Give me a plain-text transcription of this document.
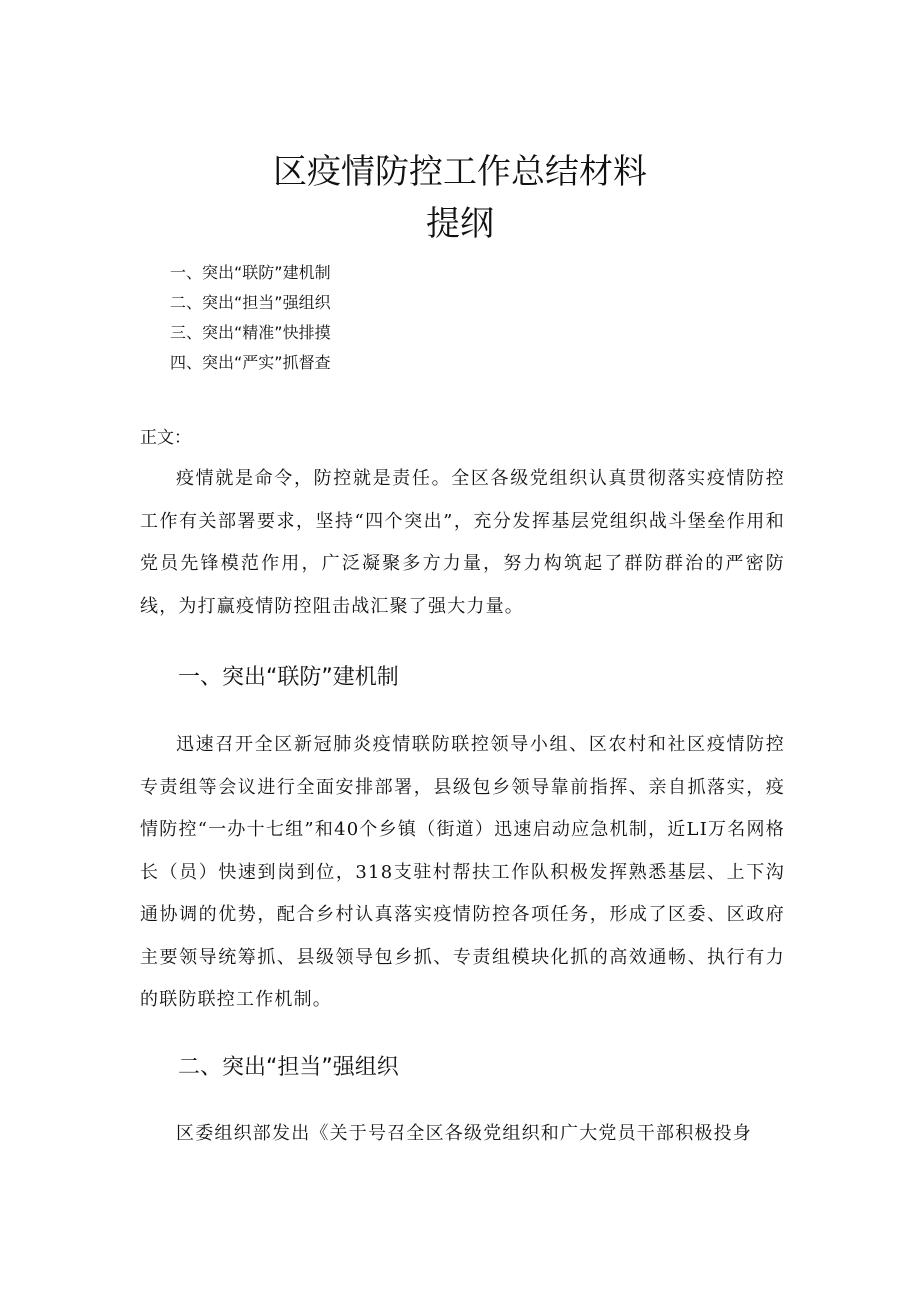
区疫情防控工作总结材料
提纲
一、突出“联防”建机制
二、突出“担当”强组织
三、突出“精准”快排摸
四、突出“严实”抓督查
正文：

疫情就是命令，防控就是责任。全区各级党组织认真贯彻落实疫情防控工作有关部署要求，坚持“四个突出”，充分发挥基层党组织战斗堡垒作用和党员先锋模范作用，广泛凝聚多方力量，努力构筑起了群防群治的严密防线，为打赢疫情防控阻击战汇聚了强大力量。

一、突出“联防”建机制

迅速召开全区新冠肺炎疫情联防联控领导小组、区农村和社区疫情防控专责组等会议进行全面安排部署，县级包乡领导靠前指挥、亲自抓落实，疫情防控“一办十七组”和40个乡镇（街道）迅速启动应急机制，近LI万名网格长（员）快速到岗到位，318支驻村帮扶工作队积极发挥熟悉基层、上下沟通协调的优势，配合乡村认真落实疫情防控各项任务，形成了区委、区政府主要领导统筹抓、县级领导包乡抓、专责组模块化抓的高效通畅、执行有力的联防联控工作机制。

二、突出“担当”强组织

区委组织部发出《关于号召全区各级党组织和广大党员干部积极投身
